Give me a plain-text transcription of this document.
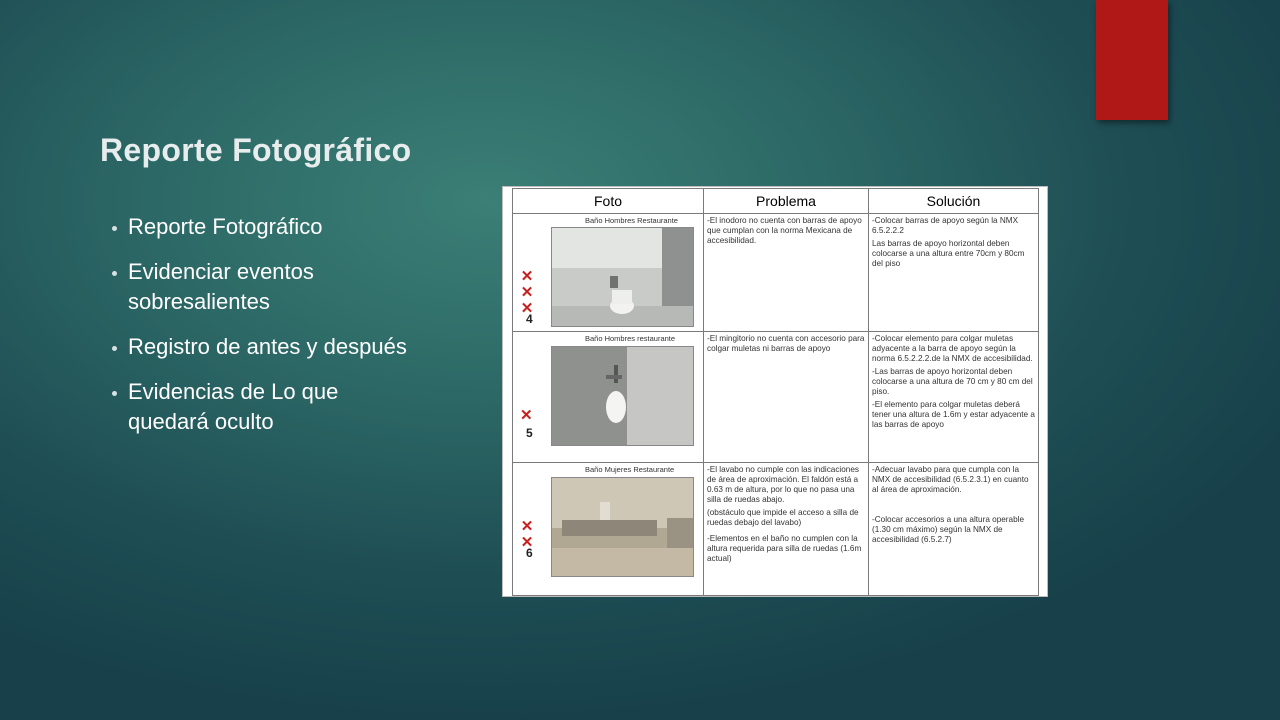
Reporte Fotográfico
Reporte Fotográfico
Evidenciar eventos sobresalientes
Registro de antes y después
Evidencias de Lo que quedará oculto
Foto	Problema	Solución
Baño Hombres Restaurante
✕✕✕
4

-El inodoro no cuenta con barras de apoyo que cumplan con la norma Mexicana de accesibilidad.

-Colocar barras de apoyo según la NMX 6.5.2.2.2

Las barras de apoyo horizontal deben colocarse a una altura entre 70cm y 80cm del piso

Baño Hombres restaurante
✕
5

-El mingitorio no cuenta con accesorio para colgar muletas ni barras de apoyo

-Colocar elemento para colgar muletas adyacente a la barra de apoyo según la norma 6.5.2.2.2.de la NMX de accesibilidad.

-Las barras de apoyo horizontal deben colocarse a una altura de 70 cm y 80 cm del piso.

-El elemento para colgar muletas deberá tener una altura de 1.6m y estar adyacente a las barras de apoyo

Baño Mujeres Restaurante
✕✕
6

-El lavabo no cumple con las indicaciones de área de aproximación. El faldón está a 0.63 m de altura, por lo que no pasa una silla de ruedas abajo.

(obstáculo que impide el acceso a silla de ruedas debajo del lavabo)

-Elementos en el baño no cumplen con la altura requerida para silla de ruedas (1.6m actual)

-Adecuar lavabo para que cumpla con la NMX de accesibilidad (6.5.2.3.1) en cuanto al área de aproximación.

-Colocar accesorios a una altura operable (1.30 cm máximo) según la NMX de accesibilidad (6.5.2.7)
